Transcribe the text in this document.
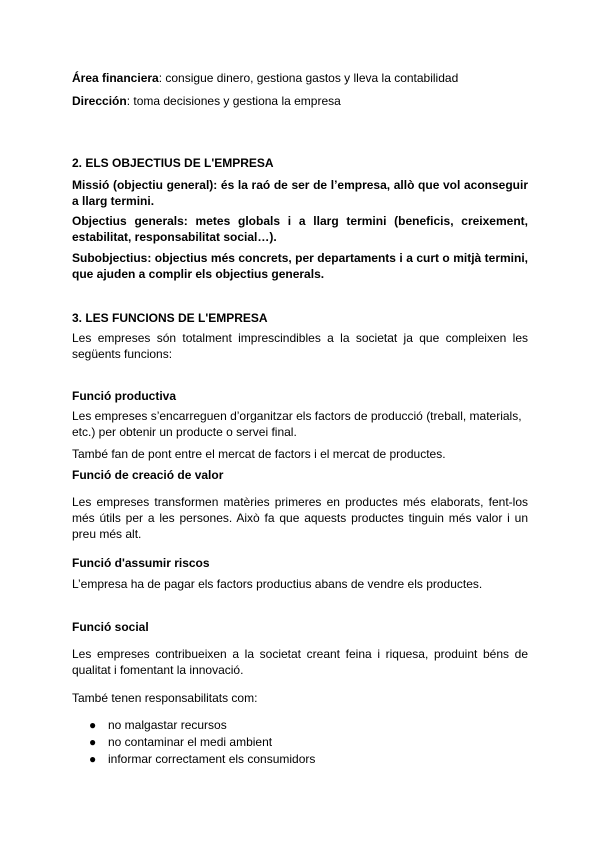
Área financiera: consigue dinero, gestiona gastos y lleva la contabilidad
Dirección: toma decisiones y gestiona la empresa
2. ELS OBJECTIUS DE L'EMPRESA
Missió (objectiu general): és la raó de ser de l’empresa, allò que vol aconseguir a llarg termini.
Objectius generals: metes globals i a llarg termini (beneficis, creixement, estabilitat, responsabilitat social…).
Subobjectius: objectius més concrets, per departaments i a curt o mitjà termini, que ajuden a complir els objectius generals.
3. LES FUNCIONS DE L'EMPRESA
Les empreses són totalment imprescindibles a la societat ja que compleixen les següents funcions:
Funció productiva
Les empreses s’encarreguen d’organitzar els factors de producció (treball, materials, etc.) per obtenir un producte o servei final.
També fan de pont entre el mercat de factors i el mercat de productes.
Funció de creació de valor
Les empreses transformen matèries primeres en productes més elaborats, fent-los més útils per a les persones. Això fa que aquests productes tinguin més valor i un preu més alt.
Funció d'assumir riscos
L’empresa ha de pagar els factors productius abans de vendre els productes.
Funció social
Les empreses contribueixen a la societat creant feina i riquesa, produint béns de qualitat i fomentant la innovació.
També tenen responsabilitats com:
● no malgastar recursos
● no contaminar el medi ambient
● informar correctament els consumidors
